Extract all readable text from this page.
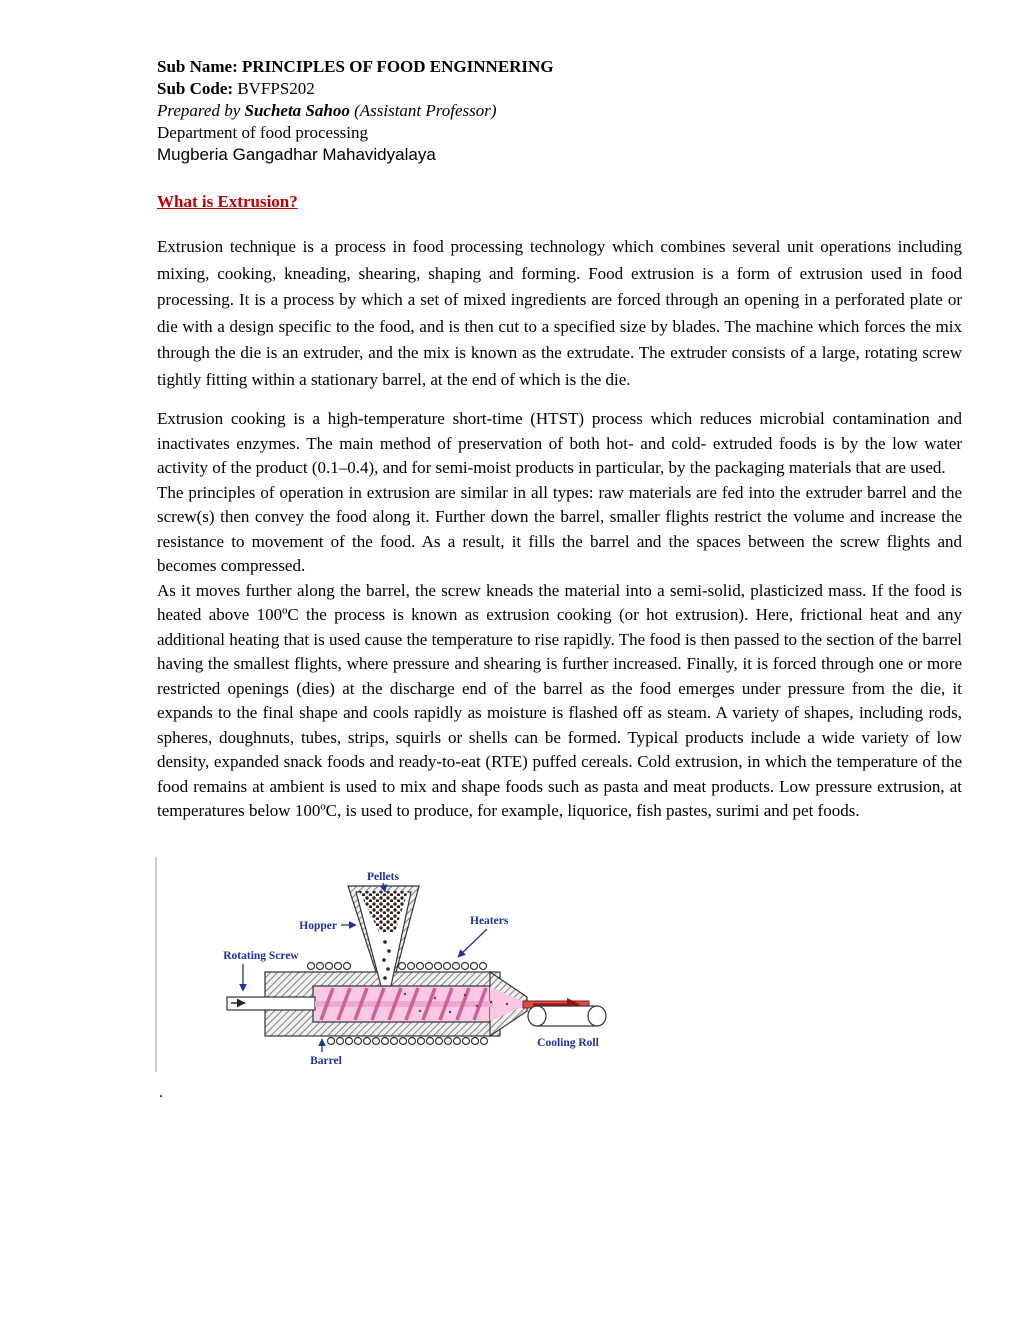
Sub Name: PRINCIPLES OF FOOD ENGINNERING

Sub Code: BVFPS202

Prepared by Sucheta Sahoo (Assistant Professor)

Department of food processing

Mugberia Gangadhar Mahavidyalaya

What is Extrusion?

Extrusion technique is a process in food processing technology which combines several unit operations including mixing, cooking, kneading, shearing, shaping and forming. Food extrusion is a form of extrusion used in food processing. It is a process by which a set of mixed ingredients are forced through an opening in a perforated plate or die with a design specific to the food, and is then cut to a specified size by blades. The machine which forces the mix through the die is an extruder, and the mix is known as the extrudate. The extruder consists of a large, rotating screw tightly fitting within a stationary barrel, at the end of which is the die.

Extrusion cooking is a high-temperature short-time (HTST) process which reduces microbial contamination and inactivates enzymes. The main method of preservation of both hot- and cold- extruded foods is by the low water activity of the product (0.1–0.4), and for semi-moist products in particular, by the packaging materials that are used.

The principles of operation in extrusion are similar in all types: raw materials are fed into the extruder barrel and the screw(s) then convey the food along it. Further down the barrel, smaller flights restrict the volume and increase the resistance to movement of the food. As a result, it fills the barrel and the spaces between the screw flights and becomes compressed.

As it moves further along the barrel, the screw kneads the material into a semi-solid, plasticized mass. If the food is heated above 100ºC the process is known as extrusion cooking (or hot extrusion). Here, frictional heat and any additional heating that is used cause the temperature to rise rapidly. The food is then passed to the section of the barrel having the smallest flights, where pressure and shearing is further increased. Finally, it is forced through one or more restricted openings (dies) at the discharge end of the barrel as the food emerges under pressure from the die, it expands to the final shape and cools rapidly as moisture is flashed off as steam. A variety of shapes, including rods, spheres, doughnuts, tubes, strips, squirls or shells can be formed. Typical products include a wide variety of low density, expanded snack foods and ready-to-eat (RTE) puffed cereals. Cold extrusion, in which the temperature of the food remains at ambient is used to mix and shape foods such as pasta and meat products. Low pressure extrusion, at temperatures below 100ºC, is used to produce, for example, liquorice, fish pastes, surimi and pet foods.

Pellets
Hopper	Heaters
Rotating Screw
Barrel
Cooling Roll

.
